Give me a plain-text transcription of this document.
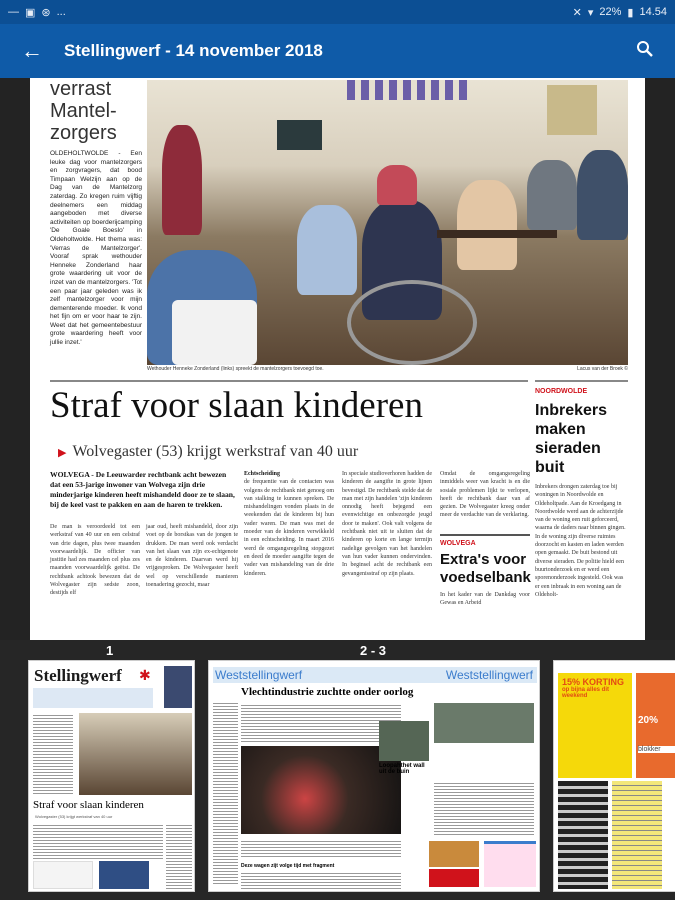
— ▣ ⊛ ...	✕ ▾ 22% ▮ 14.54
←	Stellingwerf - 14 november 2018
verrast Mantel-zorgers

OLDEHOLTWOLDE - Een leuke dag voor mantelzorgers en zorgvragers, dat bood Timpaan Welzijn aan op de Dag van de Mantelzorg zaterdag. Zo kregen ruim vijftig deelnemers een middag aangeboden met diverse activiteiten op boerderijcamping 'De Goale Boeslo' in Oldeholtwolde. Het thema was: 'Verras de Mantelzorger'. Vooraf sprak wethouder Henneke Zonderland haar grote waardering uit voor de inzet van de mantelzorgers. 'Tot een paar jaar geleden was ik zelf mantelzorger voor mijn dementerende moeder. Ik vond het fijn om er voor haar te zijn. Weet dat het gemeentebestuur grote waardering heeft voor jullie inzet.'

Wethouder Henneke Zonderland (links) spreekt de mantelzorgers toevoegd toe.	Lacus van der Broek ©
Straf voor slaan kinderen
▶ Wolvegaster (53) krijgt werkstraf van 40 uur
WOLVEGA - De Leeuwarder rechtbank acht bewezen dat een 53-jarige inwoner van Wolvega zijn drie minderjarige kinderen heeft mishandeld door ze te slaan, bij de keel vast te pakken en aan de haren te trekken.
De man is veroordeeld tot een werkstraf van 40 uur en een celstraf van drie dagen, plus twee maanden voorwaardelijk. De officier van justitie had zes maanden cel plus zes maanden voorwaardelijk geëist. De rechtbank achtook bewezen dat de Wolvegaster zijn sedste zoon, destijds elf
jaar oud, heeft mishandeld, door zijn voet op de borstkas van de jongen te drukken. De man werd ook verdacht van het slaan van zijn ex-echtgenote en de kinderen. Daarvan werd hij vrijgesproken. De Wolvegaster heeft wel op verschillende manieren toenadering gezocht, maar
Echtscheiding
de frequentie van de contacten was volgens de rechtbank niet genoeg om van stalking te kunnen spreken. De mishandelingen vonden plaats in de weekenden dat de kinderen bij hun vader waren. De man was met de moeder van de kinderen verwikkeld in een echtscheiding. In maart 2016 werd de omgangsregeling stopgezet en deed de moeder aangifte tegen de vader van mishandeling van de drie kinderen.
In speciale studioverhoren hadden de kinderen de aangifte in grote lijnen bevestigd. De rechtbank stelde dat de man met zijn handelen 'zijn kinderen onnodig heeft bejegend een evenwichtige en onbezorgde jeugd door te maken'. Ook valt volgens de rechtbank niet uit te sluiten dat de kinderen op korte en lange termijn nadelige gevolgen van het handelen van hun vader kunnen ondervinden. In beginsel acht de rechtbank een gevangenisstraf op zijn plaats.
Omdat de omgangsregeling inmiddels weer van kracht is en die sosiale problemen lijkt te verlopen, heeft de rechtbank daar van af gezien. De Wolvegaster kreeg onder meer de verdachte van de verklaring.
WOLVEGA
Extra's voor voedselbank
In het kader van de Dankdag voor Gewas en Arbeid
NOORDWOLDE
Inbrekers maken sieraden buit

Inbrekers drongen zaterdag toe bij woningen in Noordwolde en Oldeholtpade. Aan de Kroedgang in Noordwolde werd aan de achterzijde van de woning een ruit geforceerd, waarna de daders naar binnen gingen. In de woning zijn diverse ruimtes doorzocht en kasten en laden werden open gemaakt. De buit bestond uit diverse sieraden. De politie hield een buurtonderzoek en er werd een sporenonderzoek ingesteld. Ook was er een inbraak in een woning aan de Oldeholt-

1	2 - 3
Stellingwerf ✱
Straf voor slaan kinderen
Wolvegaster (53) krijgt werkstraf van 40 uur
Weststellingwerf	Weststellingwerf
Vlechtindustrie zuchtte onder oorlog
Deze wagen zijt volge tijd met fragment
Loopahthet wall uit de buin
15% KORTING
op bijna alles dit weekend
20%
blokker
